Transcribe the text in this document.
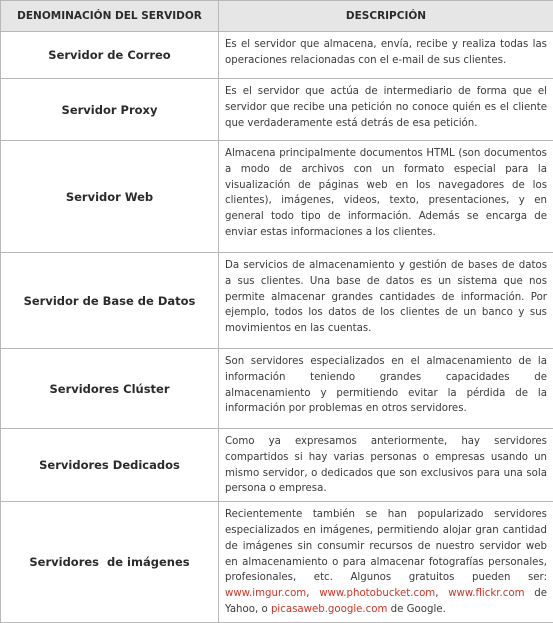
DENOMINACIÓN DEL SERVIDOR	DESCRIPCIÓN
Servidor de Correo	Es el servidor que almacena, envía, recibe y realiza todas las operaciones relacionadas con el e-mail de sus clientes.
Servidor Proxy	Es el servidor que actúa de intermediario de forma que el servidor que recibe una petición no conoce quién es el cliente que verdaderamente está detrás de esa petición.
Servidor Web	Almacena principalmente documentos HTML (son documentos a modo de archivos con un formato especial para la visualización de páginas web en los navegadores de los clientes), imágenes, videos, texto, presentaciones, y en general todo tipo de información. Además se encarga de enviar estas informaciones a los clientes.
Servidor de Base de Datos	Da servicios de almacenamiento y gestión de bases de datos a sus clientes. Una base de datos es un sistema que nos permite almacenar grandes cantidades de información. Por ejemplo, todos los datos de los clientes de un banco y sus movimientos en las cuentas.
Servidores Clúster	Son servidores especializados en el almacenamiento de la información teniendo grandes capacidades de almacenamiento y permitiendo evitar la pérdida de la información por problemas en otros servidores.
Servidores Dedicados	Como ya expresamos anteriormente, hay servidores compartidos si hay varias personas o empresas usando un mismo servidor, o dedicados que son exclusivos para una sola persona o empresa.
Servidores  de imágenes	Recientemente también se han popularizado servidores especializados en imágenes, permitiendo alojar gran cantidad de imágenes sin consumir recursos de nuestro servidor web en almacenamiento o para almacenar fotografías personales, profesionales, etc. Algunos gratuitos pueden ser: www.imgur.com, www.photobucket.com, www.flickr.com de Yahoo, o picasaweb.google.com de Google.
